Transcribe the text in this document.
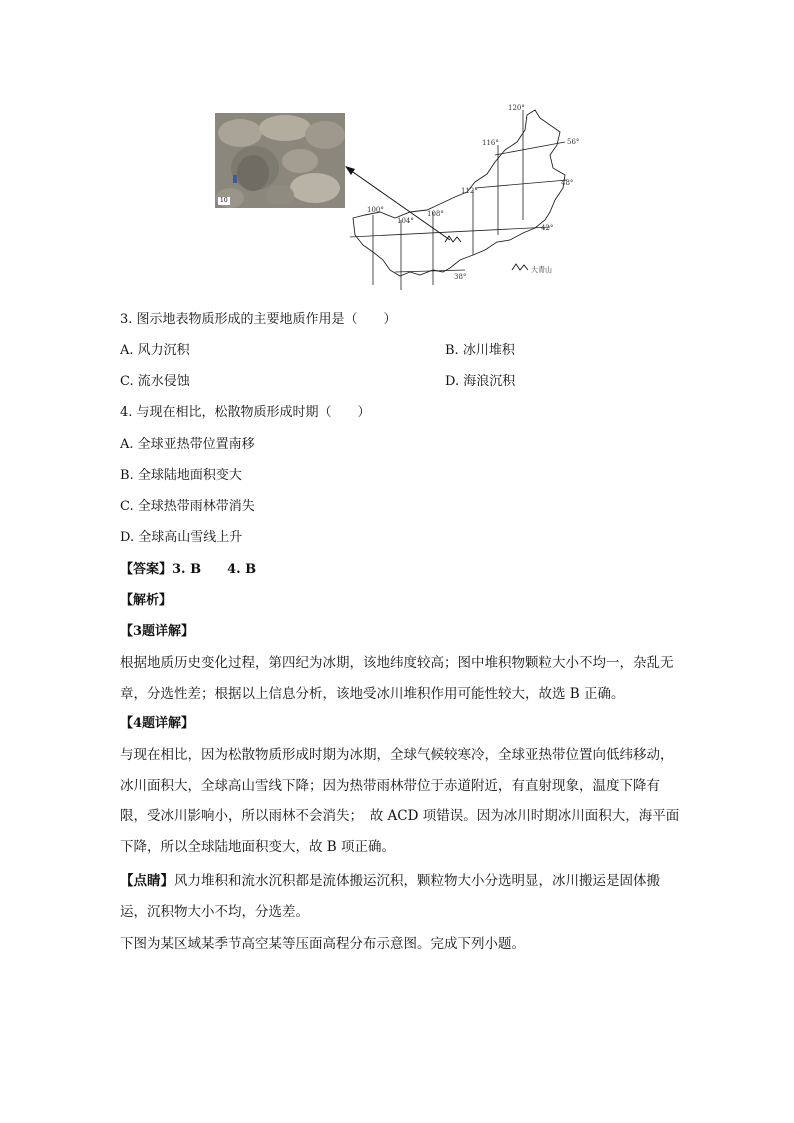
10
100°
104°
108°
112°
116°
120°
56°
48°
42°
38°
大青山
3. 图示地表物质形成的主要地质作用是（　　）
A. 风力沉积	B. 冰川堆积
C. 流水侵蚀	D. 海浪沉积
4. 与现在相比，松散物质形成时期（　　）
A. 全球亚热带位置南移
B. 全球陆地面积变大
C. 全球热带雨林带消失
D. 全球高山雪线上升
【答案】3. B　　4. B
【解析】
【3题详解】
根据地质历史变化过程，第四纪为冰期，该地纬度较高；图中堆积物颗粒大小不均一，杂乱无章，分选性差；根据以上信息分析，该地受冰川堆积作用可能性较大，故选 B 正确。
【4题详解】
与现在相比，因为松散物质形成时期为冰期，全球气候较寒冷，全球亚热带位置向低纬移动，冰川面积大，全球高山雪线下降；因为热带雨林带位于赤道附近，有直射现象，温度下降有限，受冰川影响小，所以雨林不会消失；　故 ACD 项错误。因为冰川时期冰川面积大，海平面下降，所以全球陆地面积变大，故 B 项正确。
【点睛】风力堆积和流水沉积都是流体搬运沉积，颗粒物大小分选明显，冰川搬运是固体搬运，沉积物大小不均，分选差。
下图为某区域某季节高空某等压面高程分布示意图。完成下列小题。
